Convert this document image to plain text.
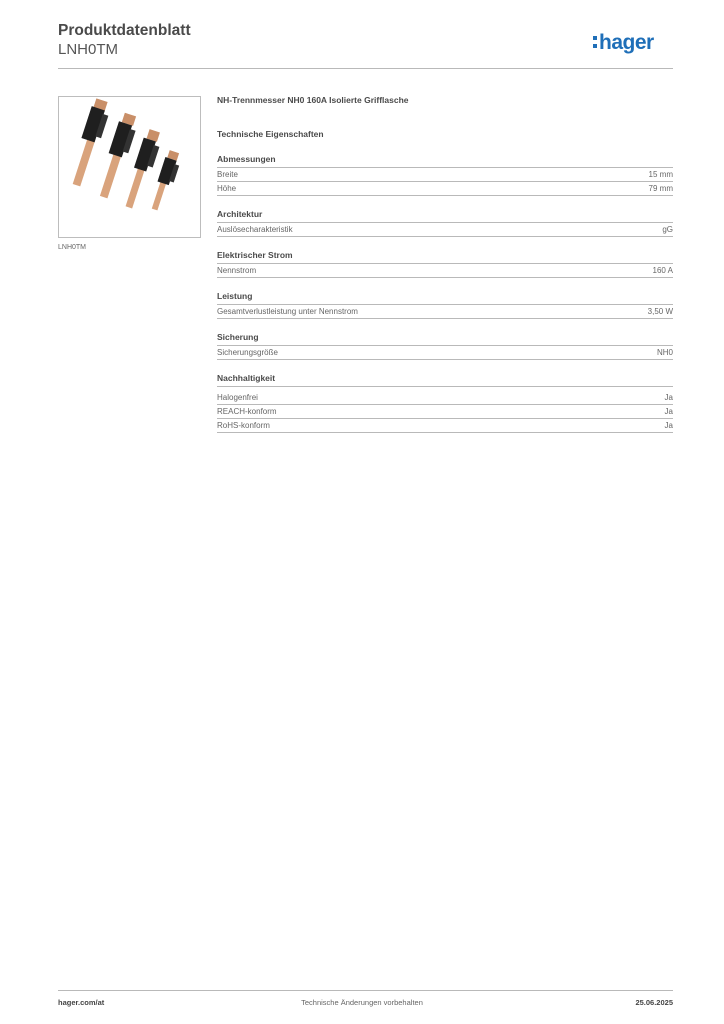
Produktdatenblatt
LNH0TM	hager
LNH0TM
NH-Trennmesser NH0 160A Isolierte Grifflasche
Technische Eigenschaften
Abmessungen
Breite	15 mm
Höhe	79 mm
Architektur
Auslösecharakteristik	gG
Elektrischer Strom
Nennstrom	160 A
Leistung
Gesamtverlustleistung unter Nennstrom	3,50 W
Sicherung
Sicherungsgröße	NH0
Nachhaltigkeit
Halogenfrei	Ja
REACH-konform	Ja
RoHS-konform	Ja
hager.com/at	Technische Änderungen vorbehalten	25.06.2025
